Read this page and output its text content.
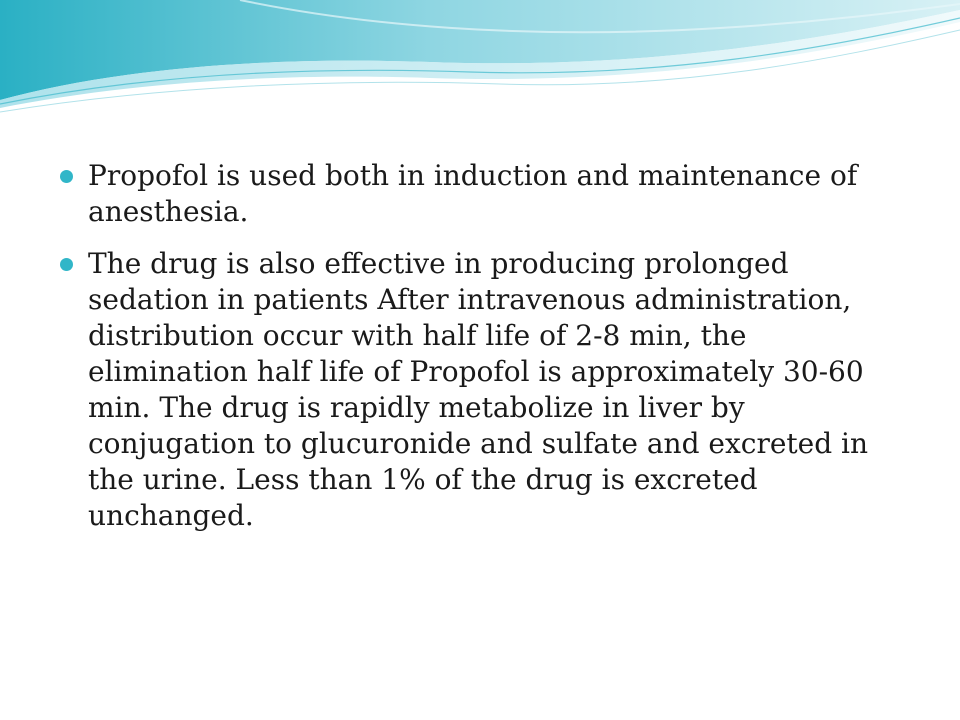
Propofol is used both in induction and maintenance of
anesthesia.
The drug is also effective in producing prolonged
sedation in patients After intravenous administration,
distribution occur with half life of 2-8 min, the
elimination half life of Propofol is approximately 30-60
min. The drug is rapidly metabolize in liver by
conjugation to glucuronide and sulfate and excreted in
the urine. Less than 1% of the drug is excreted
unchanged.
